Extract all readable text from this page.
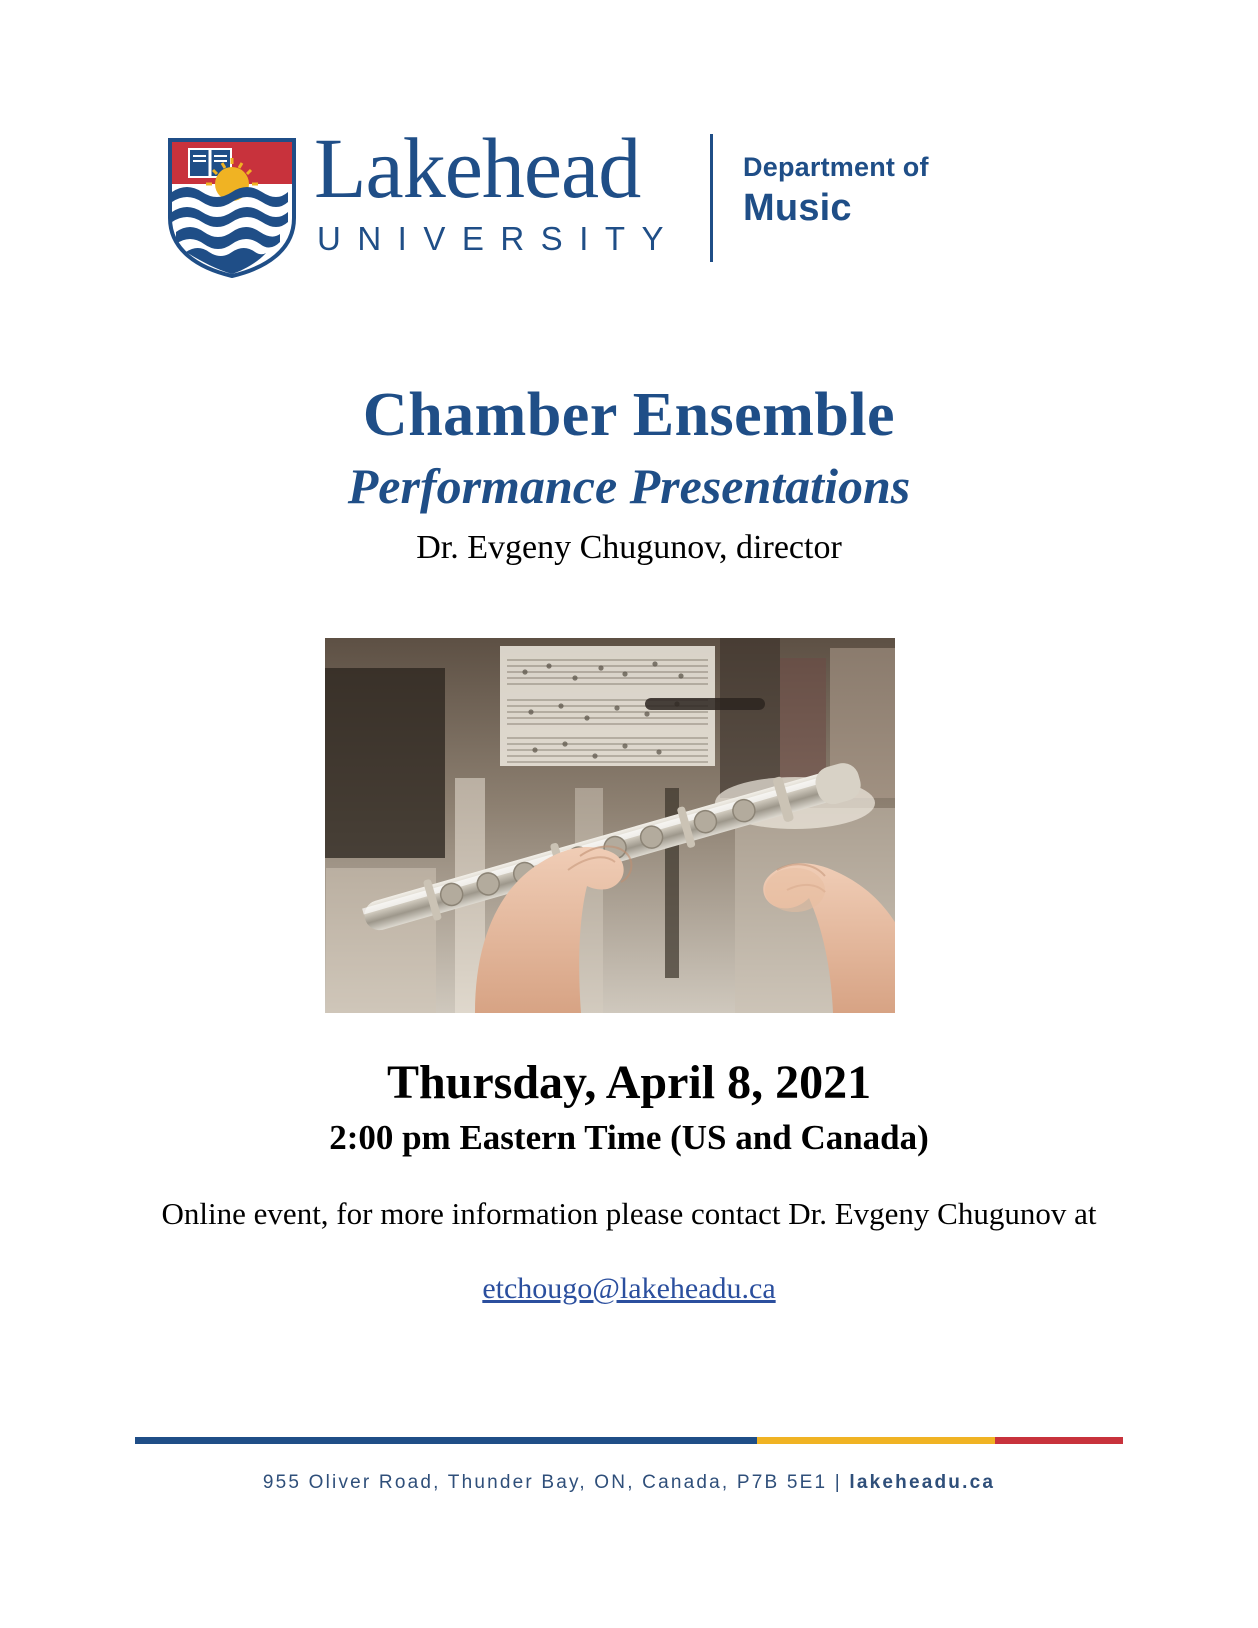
Lakehead
UNIVERSITY
Department of
Music
Chamber Ensemble
Performance Presentations
Dr. Evgeny Chugunov, director
Thursday, April 8, 2021
2:00 pm Eastern Time (US and Canada)
Online event, for more information please contact Dr. Evgeny Chugunov at
etchougo@lakeheadu.ca
955 Oliver Road, Thunder Bay, ON, Canada, P7B 5E1 | lakeheadu.ca
